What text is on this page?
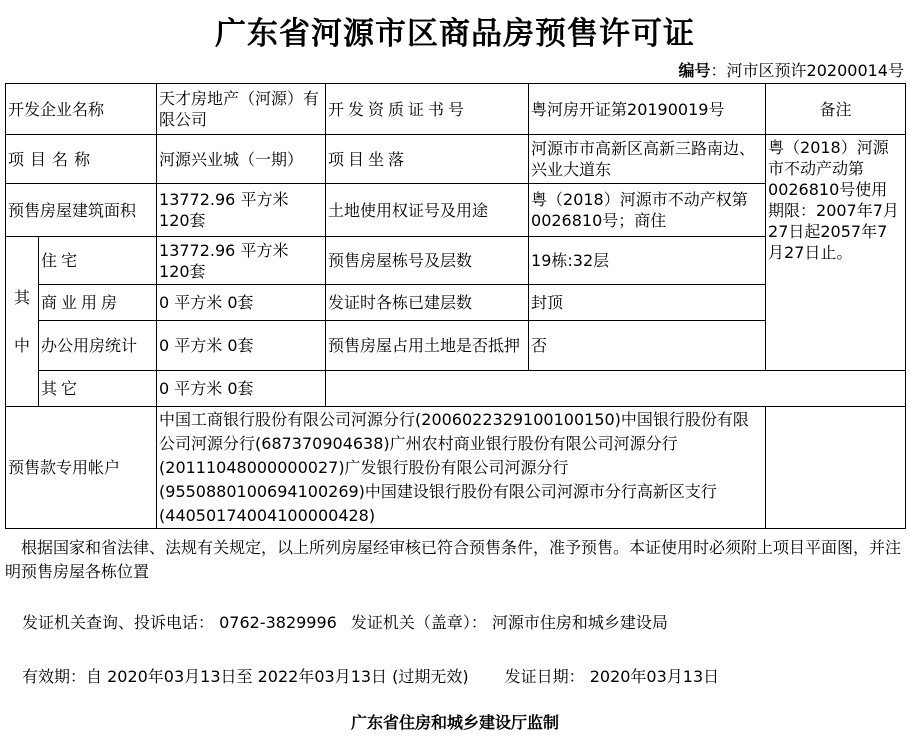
广东省河源市区商品房预售许可证
编号：河市区预许20200014号
开发企业名称		天才房地产（河源）有限公司	开发资质证书号	粤河房开证第20190019号	备注
项目名称		河源兴业城（一期）	项目坐落	河源市市高新区高新三路南边、兴业大道东	粤（2018）河源市不动产动第0026810号使用期限：2007年7月27日起2057年7月27日止。
预售房屋建筑面积		13772.96 平方米 120套	土地使用权证号及用途	粤（2018）河源市不动产权第0026810号；商住	
其
中	住宅	13772.96 平方米 120套	预售房屋栋号及层数	19栋:32层	
	商业用房	0 平方米 0套	发证时各栋已建层数	封顶	
	办公用房统计	0 平方米 0套	预售房屋占用土地是否抵押	否	
	其它	0 平方米 0套			
预售款专用帐户		中国工商银行股份有限公司河源分行(2006022329100100150)中国银行股份有限公司河源分行(687370904638)广州农村商业银行股份有限公司河源分行(20111048000000027)广发银行股份有限公司河源分行(9550880100694100269)中国建设银行股份有限公司河源市分行高新区支行(44050174004100000428)			
根据国家和省法律、法规有关规定，以上所列房屋经审核已符合预售条件，准予预售。本证使用时必须附上项目平面图，并注明预售房屋各栋位置
发证机关查询、投诉电话： 0762-3829996 发证机关（盖章）： 河源市住房和城乡建设局
有效期：自 2020年03月13日至 2022年03月13日 (过期无效) 发证日期： 2020年03月13日
广东省住房和城乡建设厅监制
